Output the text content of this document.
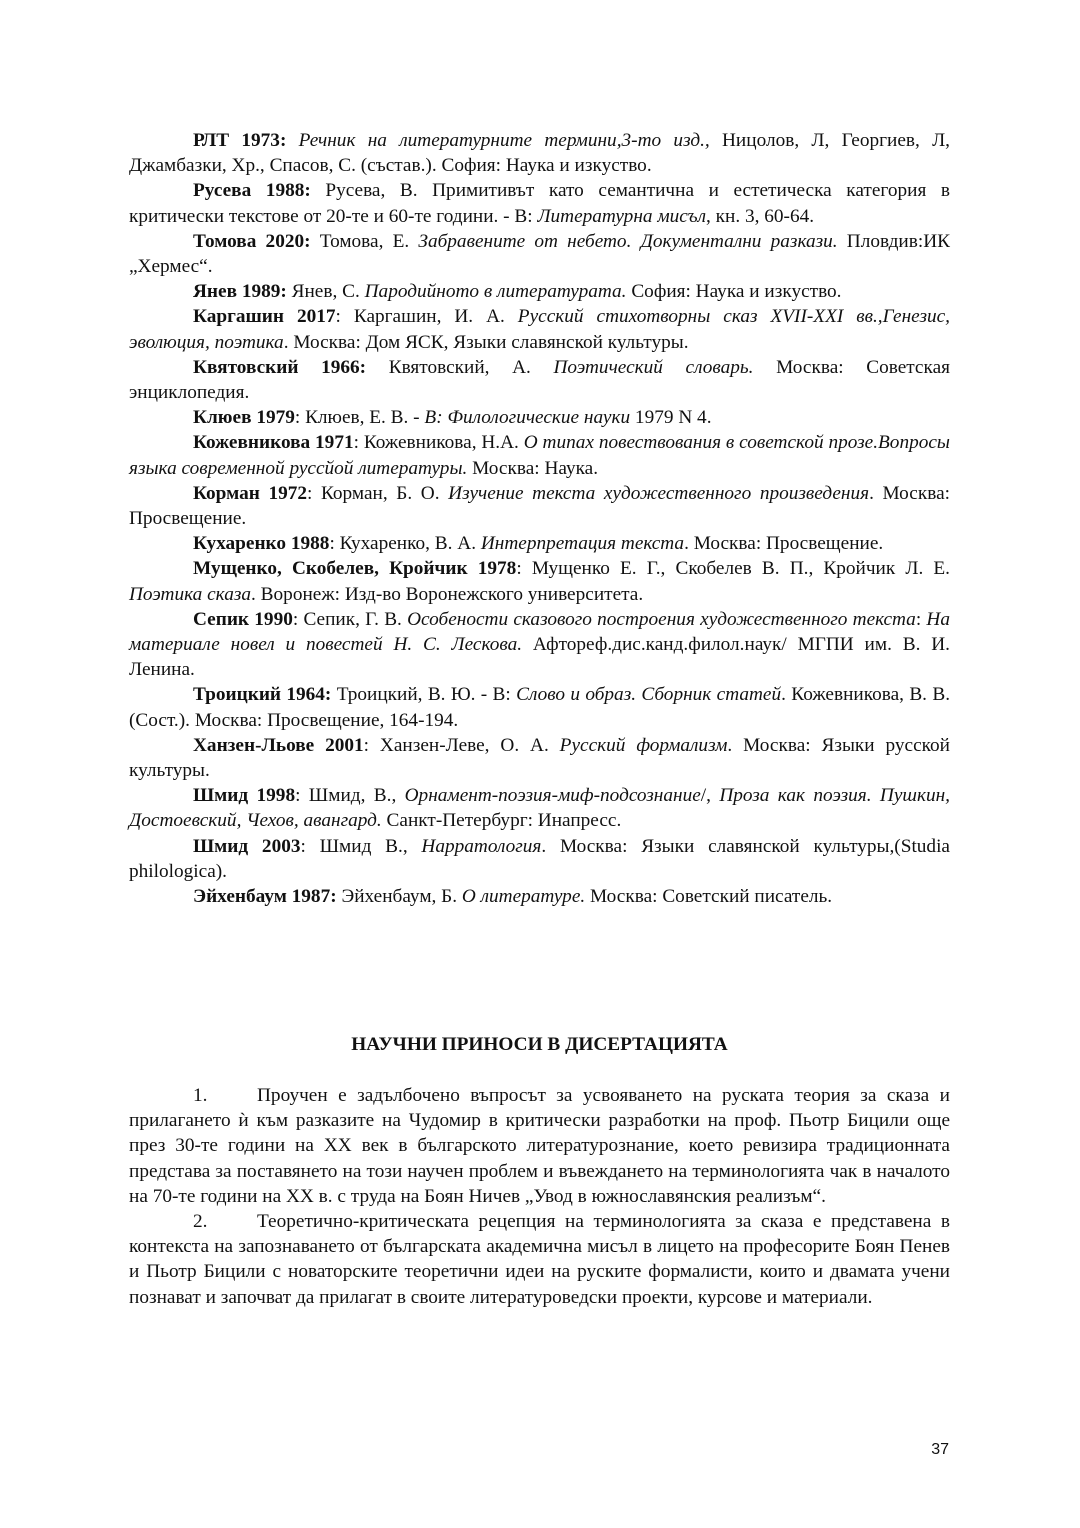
РЛТ 1973: Речник на литературните термини,3-то изд., Ницолов, Л, Георгиев, Л, Джамбазки, Хр., Спасов, С. (състав.). София: Наука и изкуство.

Русева 1988: Русева, В. Примитивът като семантична и естетическа категория в критически текстове от 20-те и 60-те години. - В: Литературна мисъл, кн. 3, 60-64.

Томова 2020: Томова, Е. Забравените от небето. Документални разкази. Пловдив:ИК „Хермес“.

Янев 1989: Янев, С. Пародийното в литературата. София: Наука и изкуство.

Каргашин 2017: Каргашин, И. А. Русский стихотворны сказ XVII-XXI вв.,Генезис, эволюция, поэтика. Москва: Дом ЯСК, Языки славянской культуры.

Квятовский 1966: Квятовский, А. Поэтический словарь. Москва: Советская энциклопедия.

Клюев 1979: Клюев, Е. В. - В: Филологические науки 1979 N 4.

Кожевникова 1971: Кожевникова, Н.А. О типах повествования в советской прозе.Вопросы языка современной руссйой литературы. Москва: Наука.

Корман 1972: Корман, Б. О. Изучение текста художественного произведения. Москва: Просвещение.

Кухаренко 1988: Кухаренко, В. А. Интерпретация текста. Москва: Просвещение.

Мущенко, Скобелев, Кройчик 1978: Мущенко Е. Г., Скобелев В. П., Кройчик Л. Е. Поэтика сказа. Воронеж: Изд-во Воронежского университета.

Сепик 1990: Сепик, Г. В. Особености сказового построения художественного текста: На материале новел и повестей Н. С. Лескова. Афтореф.дис.канд.филол.наук/ МГПИ им. В. И. Ленина.

Троицкий 1964: Троицкий, В. Ю. - В: Слово и образ. Сборник статей. Кожевникова, В. В. (Сост.). Москва: Просвещение, 164-194.

Ханзен-Льове 2001: Ханзен-Леве, О. А. Русский формализм. Москва: Языки русской культуры.

Шмид 1998: Шмид, В., Орнамент-поэзия-миф-подсознание/, Проза как поэзия. Пушкин, Достоевский, Чехов, авангард. Санкт-Петербург: Инапресс.

Шмид 2003: Шмид В., Нарратология. Москва: Языки славянской культуры,(Studia philologica).

Эйхенбаум 1987: Эйхенбаум, Б. О литературе. Москва: Советский писатель.

НАУЧНИ ПРИНОСИ В ДИСЕРТАЦИЯТА

1.	Проучен е задълбочено въпросът за усвояването на руската теория за сказа и прилагането ѝ към разказите на Чудомир в критически разработки на проф. Пьотр Бицили още през 30-те години на ХХ век в българското литературознание, което ревизира традиционната представа за поставянето на този научен проблем и въвеждането на терминологията чак в началото на 70-те години на ХХ в. с труда на Боян Ничев „Увод в южнославянския реализъм“.

2.	Теоретично-критическата рецепция на терминологията за сказа е представена в контекста на запознаването от българската академична мисъл в лицето на професорите Боян Пенев и Пьотр Бицили с новаторските теоретични идеи на руските формалисти, които и двамата учени познават и започват да прилагат в своите литературоведски проекти, курсове и материали.

37
